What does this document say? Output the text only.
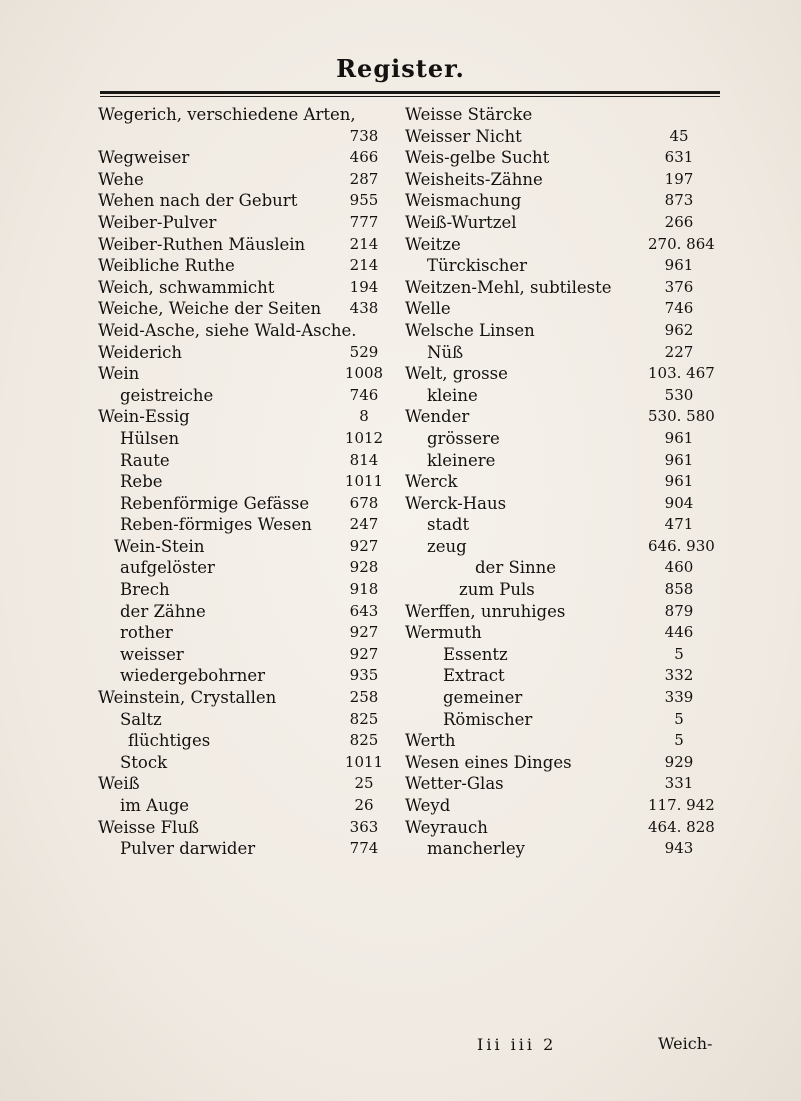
Register.
Wegerich, verschiedene Arten,
738
Wegweiser	466
Wehe	287
Wehen nach der Geburt	955
Weiber-Pulver	777
Weiber-Ruthen Mäuslein	214
Weibliche Ruthe	214
Weich, schwammicht	194
Weiche, Weiche der Seiten	438
Weid-Asche, siehe Wald-Asche.
Weiderich	529
Wein	1008
geistreiche	746
Wein-Essig	8
Hülsen	1012
Raute	814
Rebe	1011
Rebenförmige Gefässe	678
Reben-förmiges Wesen	247
Wein-Stein	927
aufgelöster	928
Brech	918
der Zähne	643
rother	927
weisser	927
wiedergebohrner	935
Weinstein, Crystallen	258
Saltz	825
flüchtiges	825
Stock	1011
Weiß	25
im Auge	26
Weisse Fluß	363
Pulver darwider	774
Weisse Stärcke
Weisser Nicht	45
Weis-gelbe Sucht	631
Weisheits-Zähne	197
Weismachung	873
Weiß-Wurtzel	266
Weitze	270. 864
Türckischer	961
Weitzen-Mehl, subtileste	376
Welle	746
Welsche Linsen	962
Nüß	227
Welt, grosse	103. 467
kleine	530
Wender	530. 580
grössere	961
kleinere	961
Werck	961
Werck-Haus	904
stadt	471
zeug	646. 930
der Sinne	460
zum Puls	858
Werffen, unruhiges	879
Wermuth	446
Essentz	5
Extract	332
gemeiner	339
Römischer	5
Werth	5
Wesen eines Dinges	929
Wetter-Glas	331
Weyd	117. 942
Weyrauch	464. 828
mancherley	943
Iii iii 2	Weich-
